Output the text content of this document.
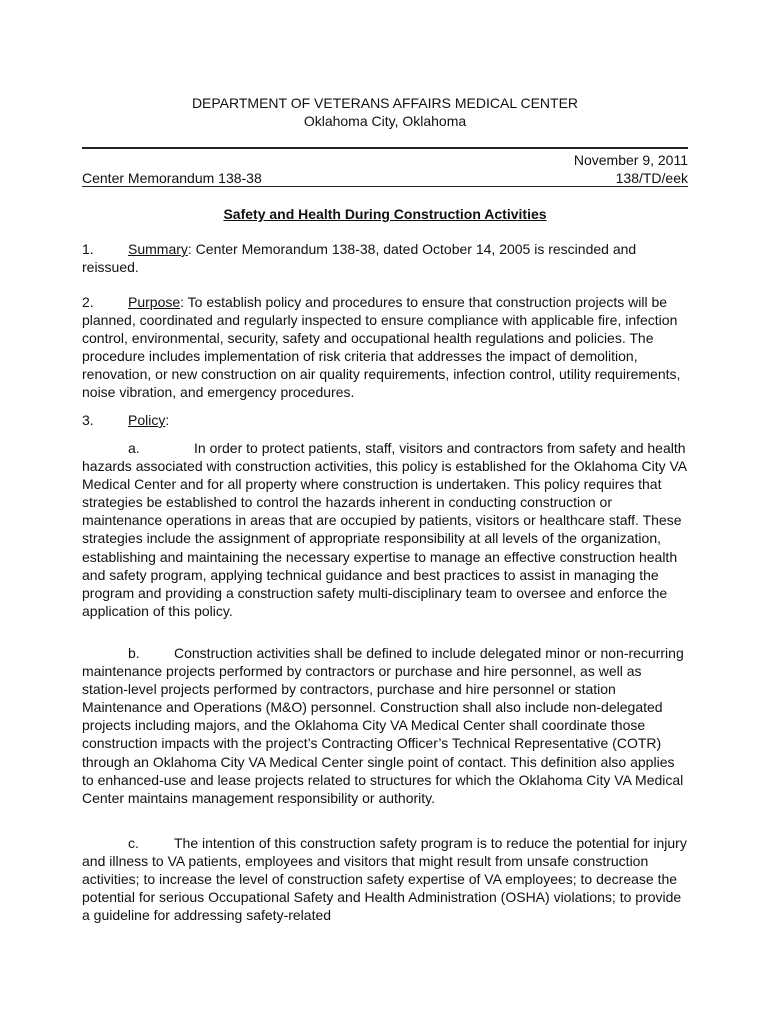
DEPARTMENT OF VETERANS AFFAIRS MEDICAL CENTER
Oklahoma City, Oklahoma
November 9, 2011
Center Memorandum 138-38	138/TD/eek
Safety and Health During Construction Activities
1. Summary: Center Memorandum 138-38, dated October 14, 2005 is rescinded and reissued.
2. Purpose: To establish policy and procedures to ensure that construction projects will be planned, coordinated and regularly inspected to ensure compliance with applicable fire, infection control, environmental, security, safety and occupational health regulations and policies. The procedure includes implementation of risk criteria that addresses the impact of demolition, renovation, or new construction on air quality requirements, infection control, utility requirements, noise vibration, and emergency procedures.
3. Policy:
a.	In order to protect patients, staff, visitors and contractors from safety and health hazards associated with construction activities, this policy is established for the Oklahoma City VA Medical Center and for all property where construction is undertaken. This policy requires that strategies be established to control the hazards inherent in conducting construction or maintenance operations in areas that are occupied by patients, visitors or healthcare staff. These strategies include the assignment of appropriate responsibility at all levels of the organization, establishing and maintaining the necessary expertise to manage an effective construction health and safety program, applying technical guidance and best practices to assist in managing the program and providing a construction safety multi-disciplinary team to oversee and enforce the application of this policy.
b. Construction activities shall be defined to include delegated minor or non-recurring maintenance projects performed by contractors or purchase and hire personnel, as well as station-level projects performed by contractors, purchase and hire personnel or station Maintenance and Operations (M&O) personnel. Construction shall also include non-delegated projects including majors, and the Oklahoma City VA Medical Center shall coordinate those construction impacts with the project’s Contracting Officer’s Technical Representative (COTR) through an Oklahoma City VA Medical Center single point of contact. This definition also applies to enhanced-use and lease projects related to structures for which the Oklahoma City VA Medical Center maintains management responsibility or authority.
c.	The intention of this construction safety program is to reduce the potential for injury and illness to VA patients, employees and visitors that might result from unsafe construction activities; to increase the level of construction safety expertise of VA employees; to decrease the potential for serious Occupational Safety and Health Administration (OSHA) violations; to provide a guideline for addressing safety-related
